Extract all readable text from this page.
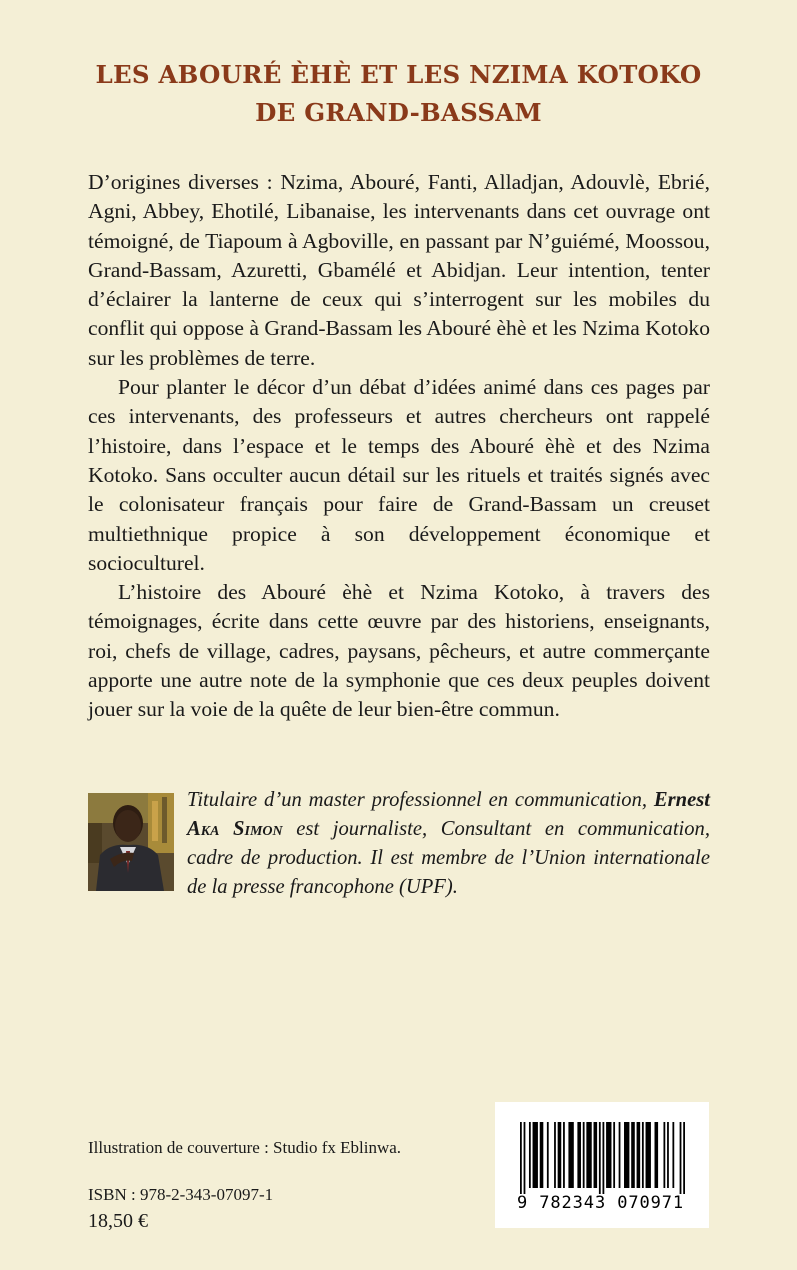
LES ABOURÉ ÈHÈ ET LES NZIMA KOTOKO
DE GRAND-BASSAM

D’origines diverses : Nzima, Abouré, Fanti, Alladjan, Adouvlè, Ebrié, Agni, Abbey, Ehotilé, Libanaise, les intervenants dans cet ouvrage ont témoigné, de Tiapoum à Agboville, en passant par N’guiémé, Moossou, Grand-Bassam, Azuretti, Gbamélé et Abidjan. Leur intention, tenter d’éclairer la lanterne de ceux qui s’interrogent sur les mobiles du conflit qui oppose à Grand-Bassam les Abouré èhè et les Nzima Kotoko sur les problèmes de terre.

Pour planter le décor d’un débat d’idées animé dans ces pages par ces intervenants, des professeurs et autres chercheurs ont rappelé l’histoire, dans l’espace et le temps des Abouré èhè et des Nzima Kotoko. Sans occulter aucun détail sur les rituels et traités signés avec le colonisateur français pour faire de Grand-Bassam un creuset multiethnique propice à son développement économique et socioculturel.

L’histoire des Abouré èhè et Nzima Kotoko, à travers des témoignages, écrite dans cette œuvre par des historiens, enseignants, roi, chefs de village, cadres, paysans, pêcheurs, et autre commerçante apporte une autre note de la symphonie que ces deux peuples doivent jouer sur la voie de la quête de leur bien-être commun.

Titulaire d’un master professionnel en communication, Ernest Aka Simon est journaliste, Consultant en communication, cadre de production. Il est membre de l’Union internationale de la presse francophone (UPF).

Illustration de couverture : Studio fx Eblinwa.
ISBN : 978-2-343-07097-1
18,50 €
9 782343 070971
